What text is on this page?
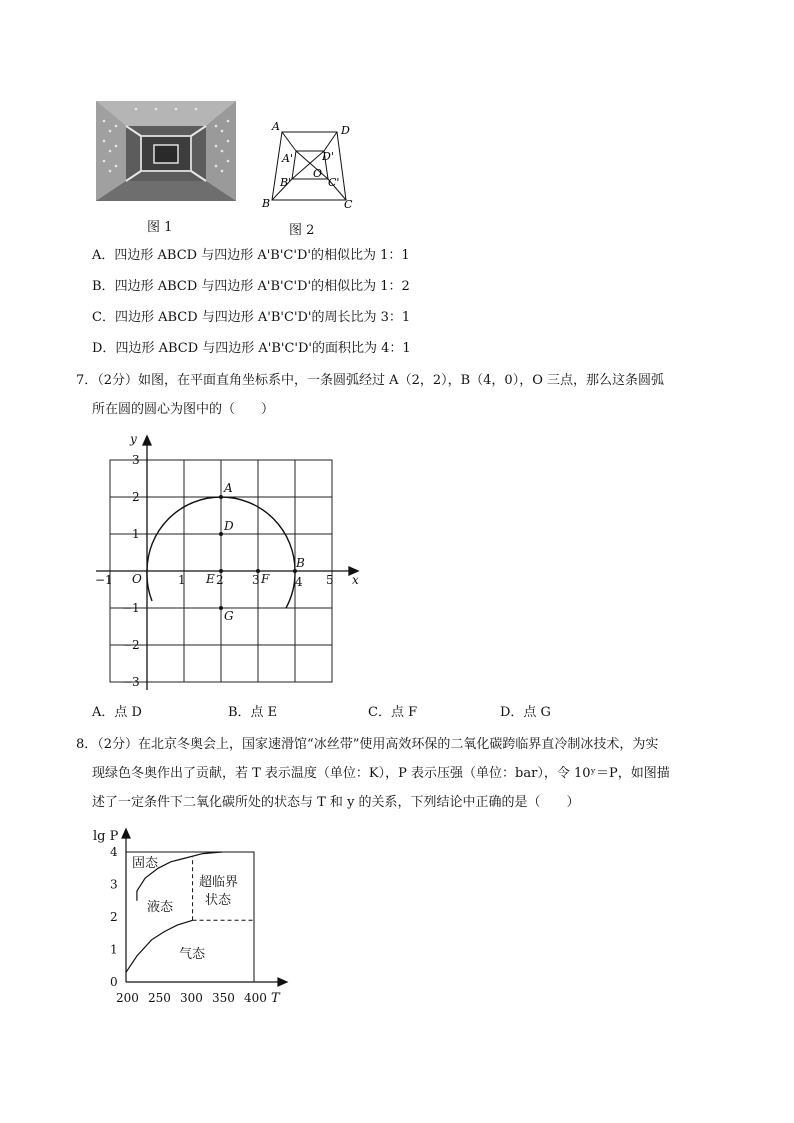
图 1
A	D
B	C
A'	D'
B'	C'
O
图 2
A．四边形 ABCD 与四边形 A'B'C'D'的相似比为 1：1
B．四边形 ABCD 与四边形 A'B'C'D'的相似比为 1：2
C．四边形 ABCD 与四边形 A'B'C'D'的周长比为 3：1
D．四边形 ABCD 与四边形 A'B'C'D'的面积比为 4：1
7．（2分）如图，在平面直角坐标系中，一条圆弧经过 A（2，2），B（4，0），O 三点，那么这条圆弧
所在圆的圆心为图中的（　　）
y
x
−1	1	2 3	4 5
3
2
1
−1
−2
−3
O
A
D
E	F
B
G
A．点 D	B．点 E	C．点 F	D．点 G
8．（2分）在北京冬奥会上，国家速滑馆“冰丝带”使用高效环保的二氧化碳跨临界直冷制冰技术，为实
现绿色冬奥作出了贡献，若 T 表示温度（单位：K），P 表示压强（单位：bar），令 10ʸ＝P，如图描
述了一定条件下二氧化碳所处的状态与 T 和 y 的关系，下列结论中正确的是（　　）
200 250 300 350 400
0
1
2
3
4
lg P
T
固态
液态
超临界
状态
气态
